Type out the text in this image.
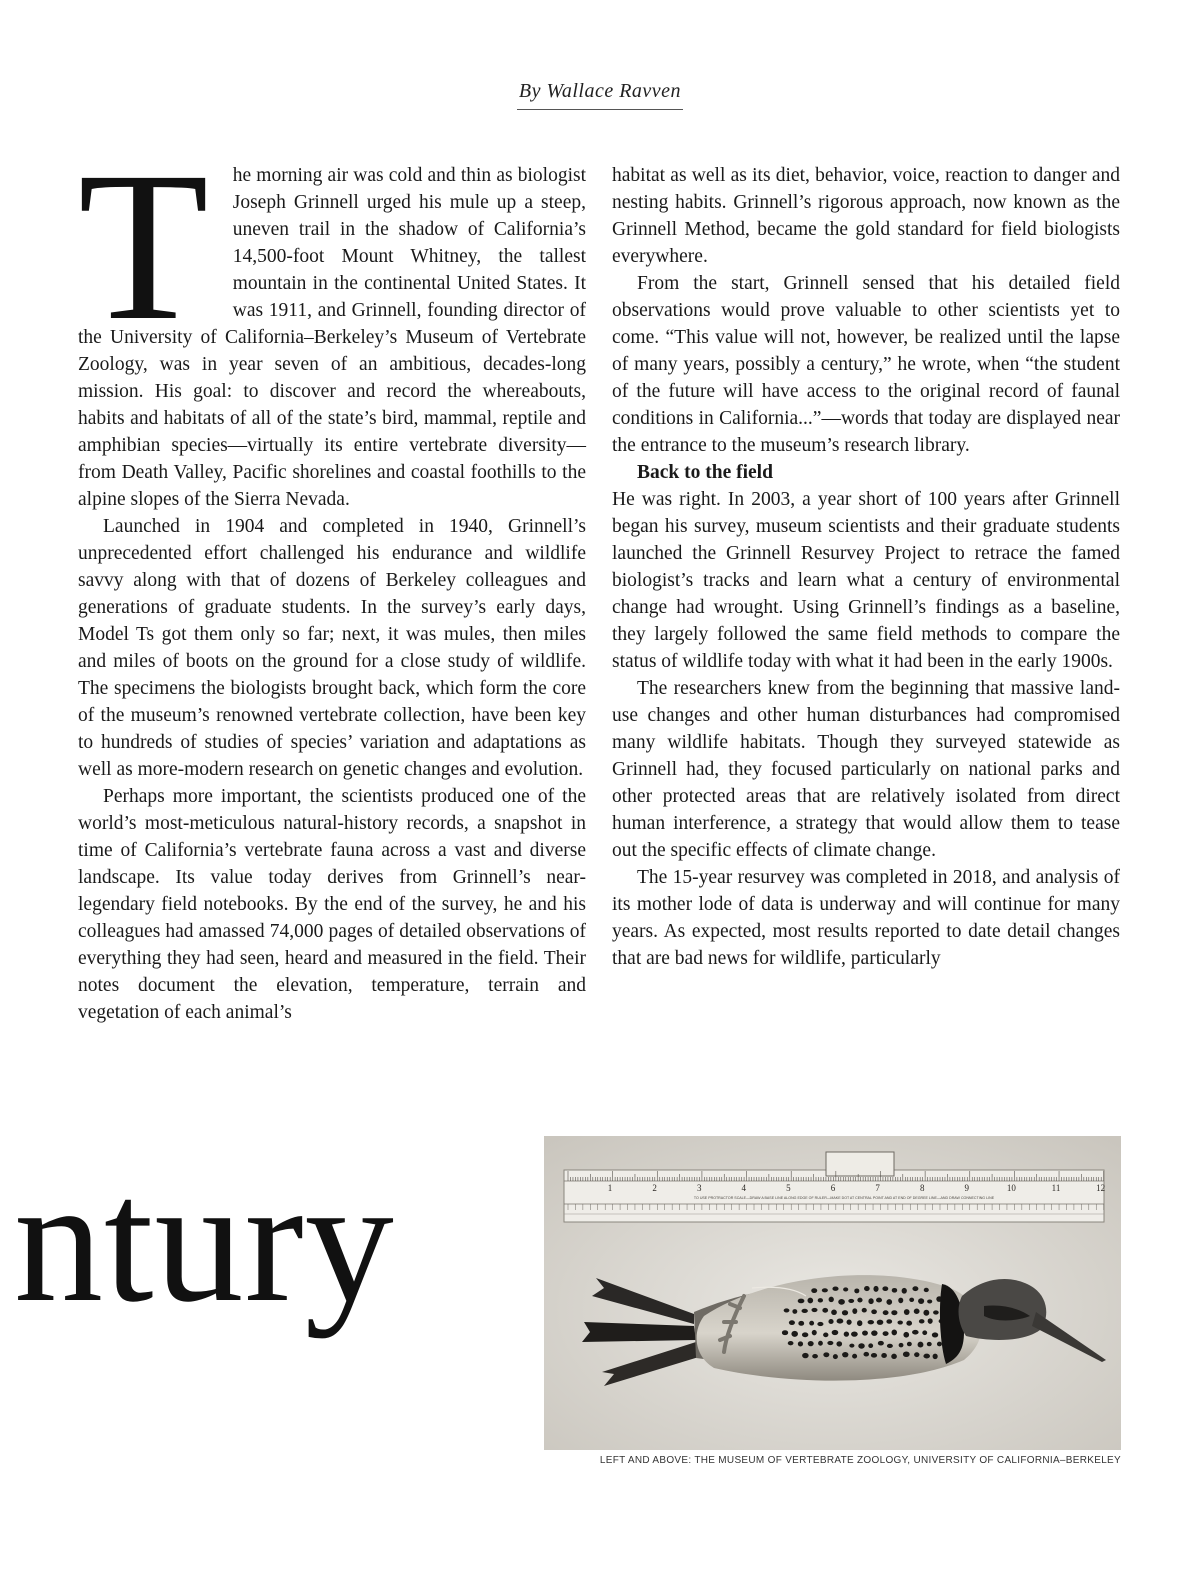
By Wallace Ravven

T	he morning air was cold and thin as biologist Joseph Grinnell urged his mule up a steep, uneven trail in the shadow of California’s 14,500-foot Mount Whitney, the tallest mountain in the continental United States. It was 1911, and Grinnell, founding director of the University of California–Berkeley’s Museum of Vertebrate Zoology, was in year seven of an ambitious, decades-long mission. His goal: to discover and record the whereabouts, habits and habitats of all of the state’s bird, mammal, reptile and amphibian species—virtually its entire vertebrate diversity—from Death Valley, Pacific shorelines and coastal foothills to the alpine slopes of the Sierra Nevada.

Launched in 1904 and completed in 1940, Grinnell’s unprecedented effort challenged his endurance and wildlife savvy along with that of dozens of Berkeley colleagues and generations of graduate students. In the survey’s early days, Model Ts got them only so far; next, it was mules, then miles and miles of boots on the ground for a close study of wildlife. The specimens the biologists brought back, which form the core of the museum’s renowned vertebrate collection, have been key to hundreds of studies of species’ variation and adaptations as well as more-modern research on genetic changes and evolution.

Perhaps more important, the scientists produced one of the world’s most-meticulous natural-history records, a snapshot in time of California’s vertebrate fauna across a vast and diverse landscape. Its value today derives from Grinnell’s near-legendary field notebooks. By the end of the survey, he and his colleagues had amassed 74,000 pages of detailed observations of everything they had seen, heard and measured in the field. Their notes document the elevation, temperature, terrain and vegetation of each animal’s

habitat as well as its diet, behavior, voice, reaction to danger and nesting habits. Grinnell’s rigorous approach, now known as the Grinnell Method, became the gold standard for field biologists everywhere.

From the start, Grinnell sensed that his detailed field observations would prove valuable to other scientists yet to come. “This value will not, however, be realized until the lapse of many years, possibly a century,” he wrote, when “the student of the future will have access to the original record of faunal conditions in California...”—words that today are displayed near the entrance to the museum’s research library.

Back to the field

He was right. In 2003, a year short of 100 years after Grinnell began his survey, museum scientists and their graduate students launched the Grinnell Resurvey Project to retrace the famed biologist’s tracks and learn what a century of environmental change had wrought. Using Grinnell’s findings as a baseline, they largely followed the same field methods to compare the status of wildlife today with what it had been in the early 1900s.

The researchers knew from the beginning that massive land-use changes and other human disturbances had compromised many wildlife habitats. Though they surveyed statewide as Grinnell had, they focused particularly on national parks and other protected areas that are relatively isolated from direct human interference, a strategy that would allow them to tease out the specific effects of climate change.

The 15-year resurvey was completed in 2018, and analysis of its mother lode of data is underway and will continue for many years. As expected, most results reported to date detail changes that are bad news for wildlife, particularly

ntury	1	2	3	4	5	6	7	8	9	10	11	12
TO USE PROTRACTOR SCALE—DRAW A BASE LINE ALONG EDGE OF RULER—MAKE DOT AT CENTRAL POINT AND AT END OF DEGREE LINE—AND DRAW CONNECTING LINE
LEFT AND ABOVE: THE MUSEUM OF VERTEBRATE ZOOLOGY, UNIVERSITY OF CALIFORNIA–BERKELEY
